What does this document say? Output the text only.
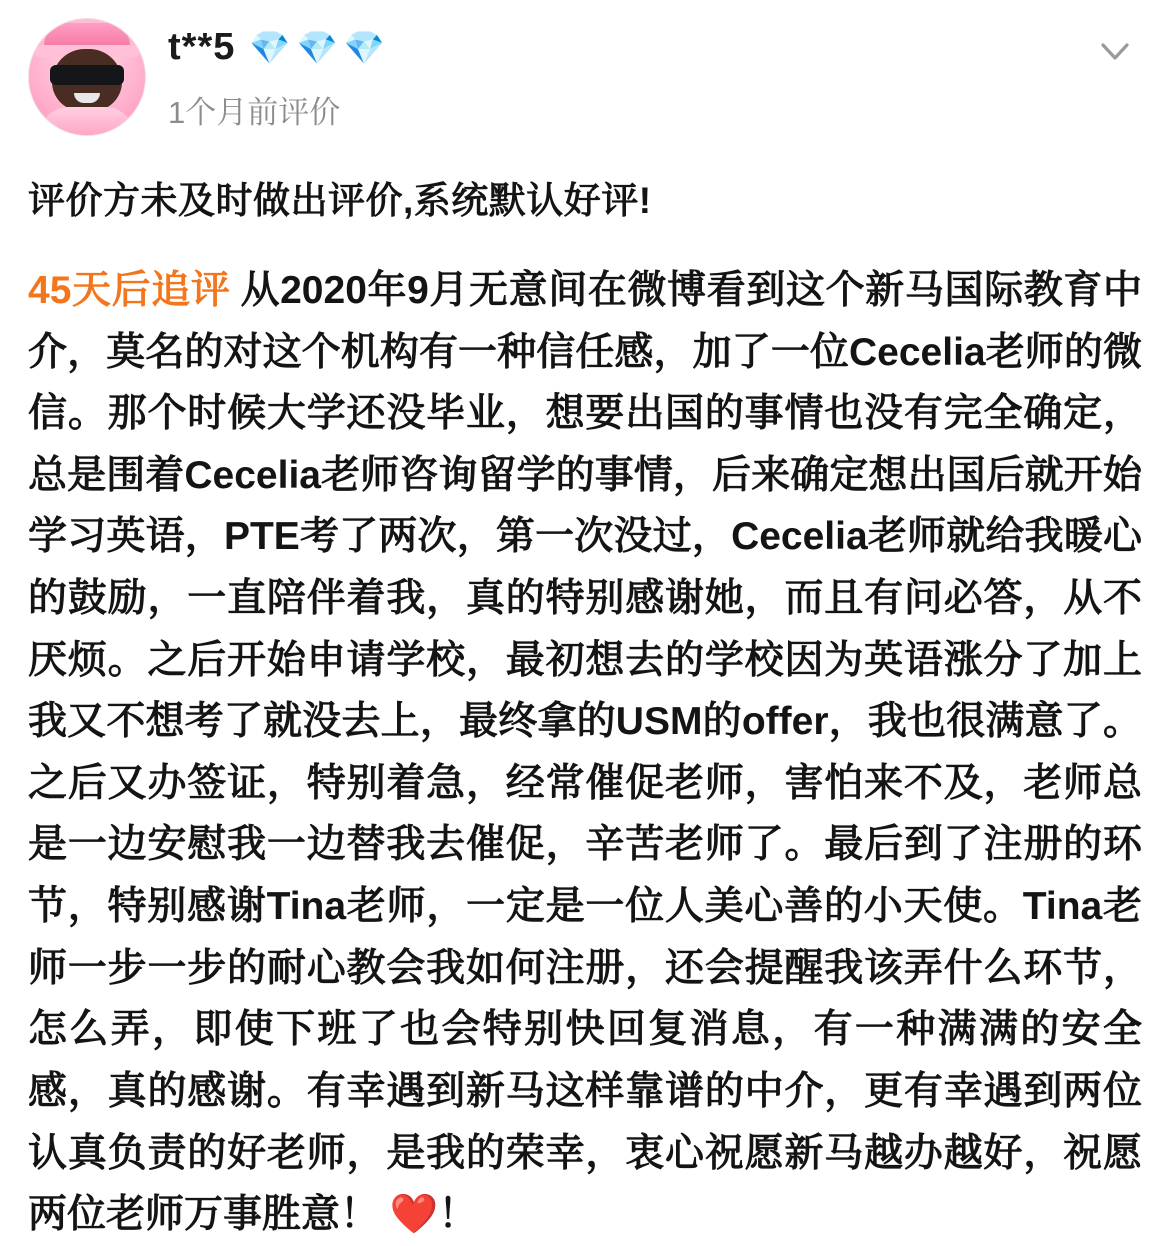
t**5 💎 💎 💎
1个月前评价
评价方未及时做出评价,系统默认好评!
45天后追评 从2020年9月无意间在微博看到这个新马国际教育中介，莫名的对这个机构有一种信任感，加了一位Cecelia老师的微信。那个时候大学还没毕业，想要出国的事情也没有完全确定，总是围着Cecelia老师咨询留学的事情，后来确定想出国后就开始学习英语，PTE考了两次，第一次没过，Cecelia老师就给我暖心的鼓励，一直陪伴着我，真的特别感谢她，而且有问必答，从不厌烦。之后开始申请学校，最初想去的学校因为英语涨分了加上我又不想考了就没去上，最终拿的USM的offer，我也很满意了。之后又办签证，特别着急，经常催促老师，害怕来不及，老师总是一边安慰我一边替我去催促，辛苦老师了。最后到了注册的环节，特别感谢Tina老师，一定是一位人美心善的小天使。Tina老师一步一步的耐心教会我如何注册，还会提醒我该弄什么环节，怎么弄，即使下班了也会特别快回复消息，有一种满满的安全感，真的感谢。有幸遇到新马这样靠谱的中介，更有幸遇到两位认真负责的好老师，是我的荣幸，衷心祝愿新马越办越好，祝愿两位老师万事胜意！ ❤️！
